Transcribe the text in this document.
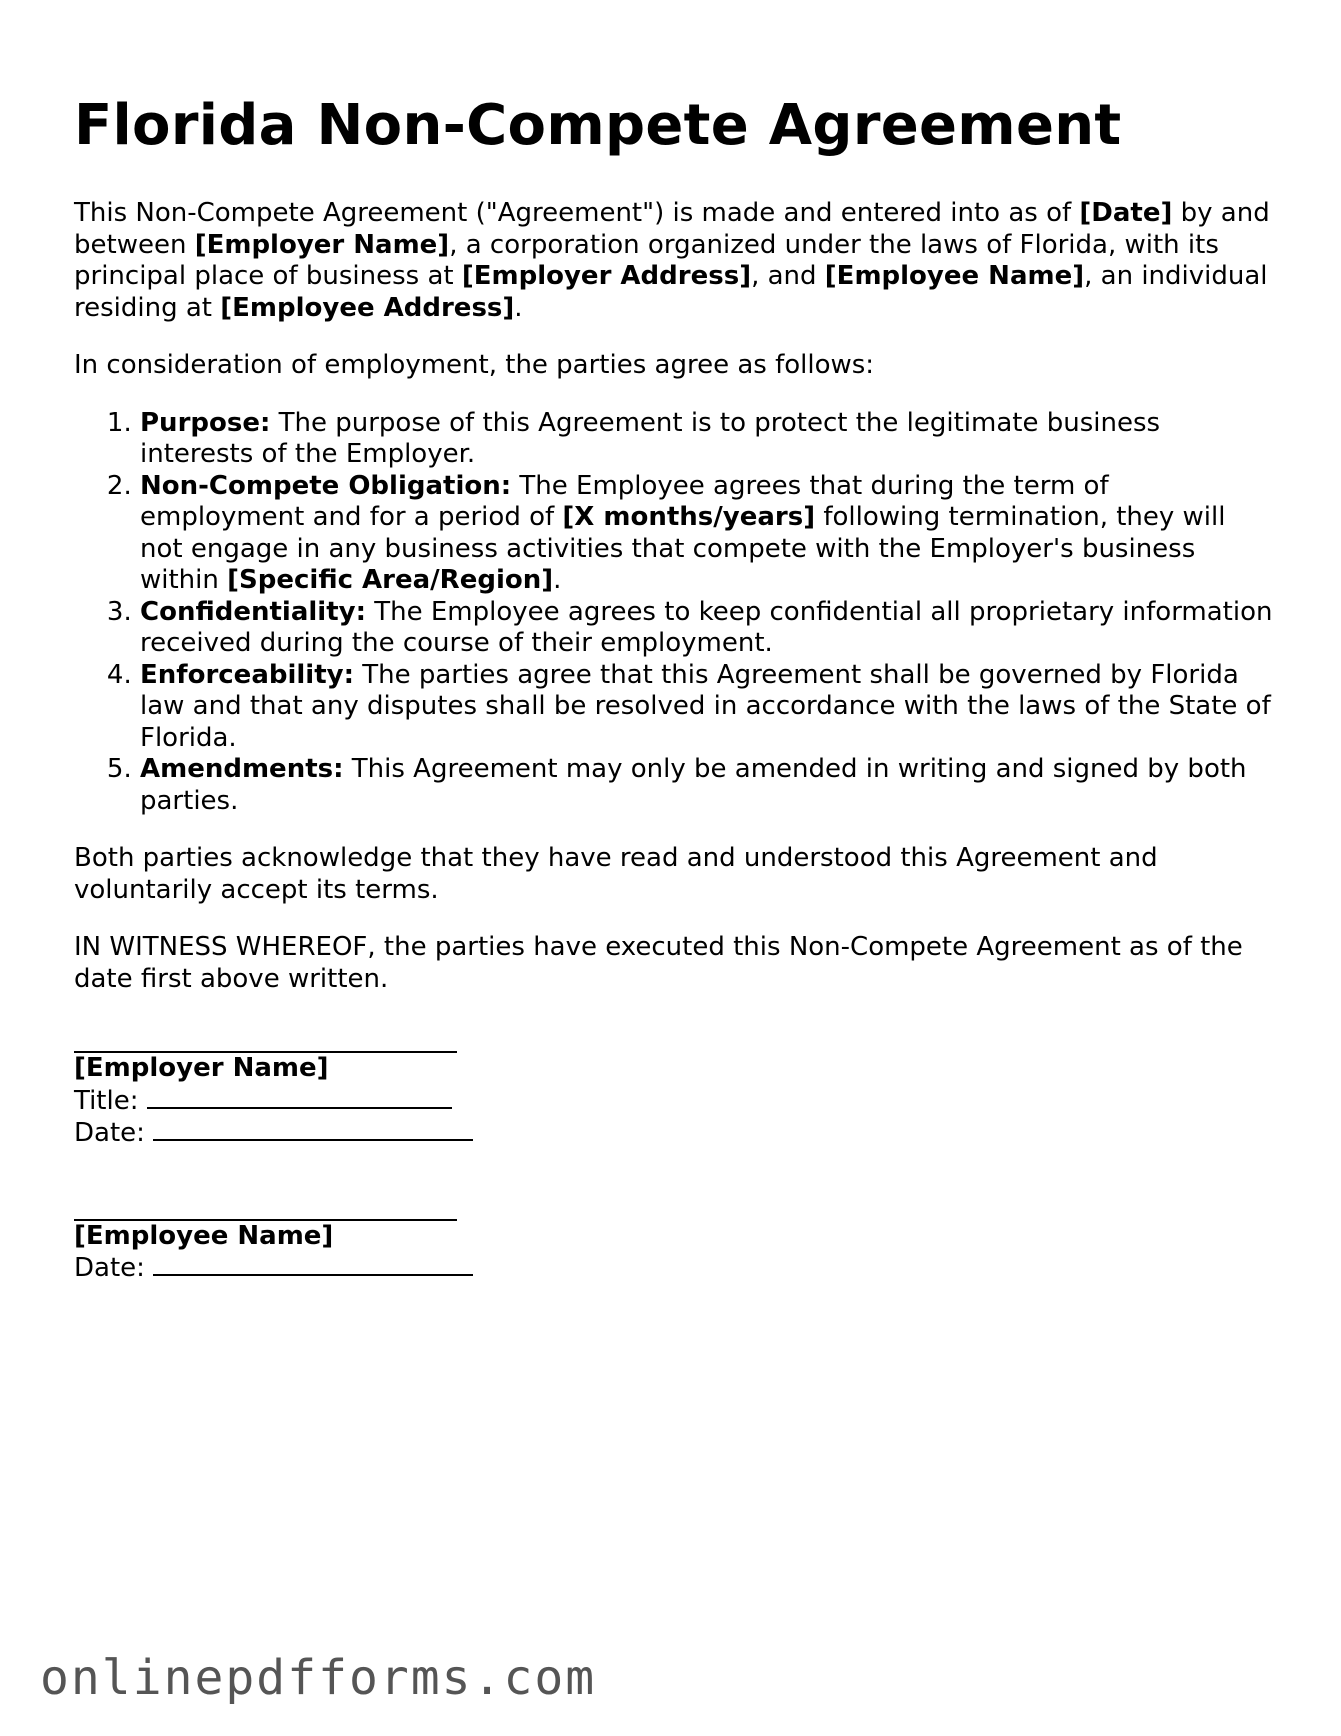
Florida Non-Compete Agreement

This Non-Compete Agreement ("Agreement") is made and entered into as of [Date] by and between [Employer Name], a corporation organized under the laws of Florida, with its principal place of business at [Employer Address], and [Employee Name], an individual residing at [Employee Address].

In consideration of employment, the parties agree as follows:

1. Purpose: The purpose of this Agreement is to protect the legitimate business interests of the Employer.
2. Non-Compete Obligation: The Employee agrees that during the term of employment and for a period of [X months/years] following termination, they will not engage in any business activities that compete with the Employer's business within [Specific Area/Region].
3. Confidentiality: The Employee agrees to keep confidential all proprietary information received during the course of their employment.
4. Enforceability: The parties agree that this Agreement shall be governed by Florida law and that any disputes shall be resolved in accordance with the laws of the State of Florida.
5. Amendments: This Agreement may only be amended in writing and signed by both parties.

Both parties acknowledge that they have read and understood this Agreement and voluntarily accept its terms.

IN WITNESS WHEREOF, the parties have executed this Non-Compete Agreement as of the date first above written.

[Employer Name]
Title:
Date:
[Employee Name]
Date:
onlinepdfforms.com
